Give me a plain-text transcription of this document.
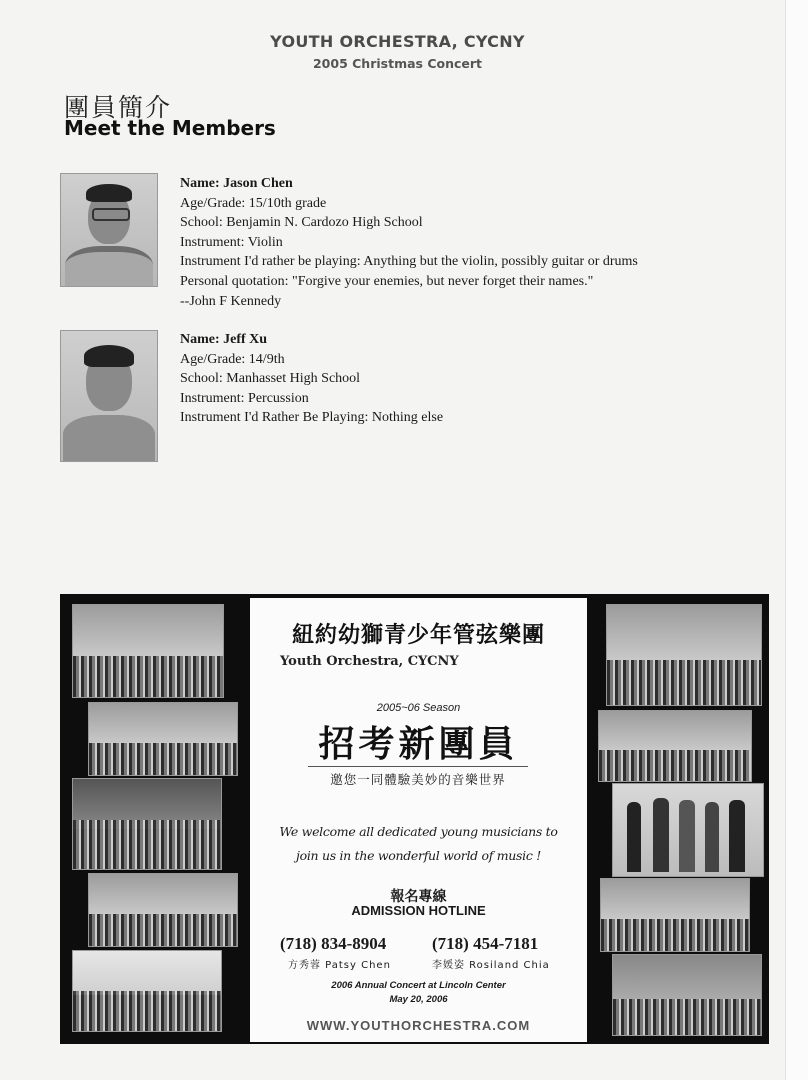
YOUTH ORCHESTRA, CYCNY
2005 Christmas Concert
團員簡介
Meet the Members
Name: Jason Chen
Age/Grade: 15/10th grade
School: Benjamin N. Cardozo High School
Instrument: Violin
Instrument I'd rather be playing: Anything but the violin, possibly guitar or drums
Personal quotation: "Forgive your enemies, but never forget their names."
--John F Kennedy
Name: Jeff Xu
Age/Grade: 14/9th
School: Manhasset High School
Instrument: Percussion
Instrument I'd Rather Be Playing: Nothing else
紐約幼獅青少年管弦樂團
Youth Orchestra, CYCNY
2005~06 Season
招考新團員
邀您一同體驗美妙的音樂世界
We welcome all dedicated young musicians to
join us in the wonderful world of music !
報名專線
ADMISSION HOTLINE
(718) 834-8904
方秀蓉 Patsy Chen
(718) 454-7181
李媛姿 Rosiland Chia
2006 Annual Concert at Lincoln Center
May 20, 2006
WWW.YOUTHORCHESTRA.COM
